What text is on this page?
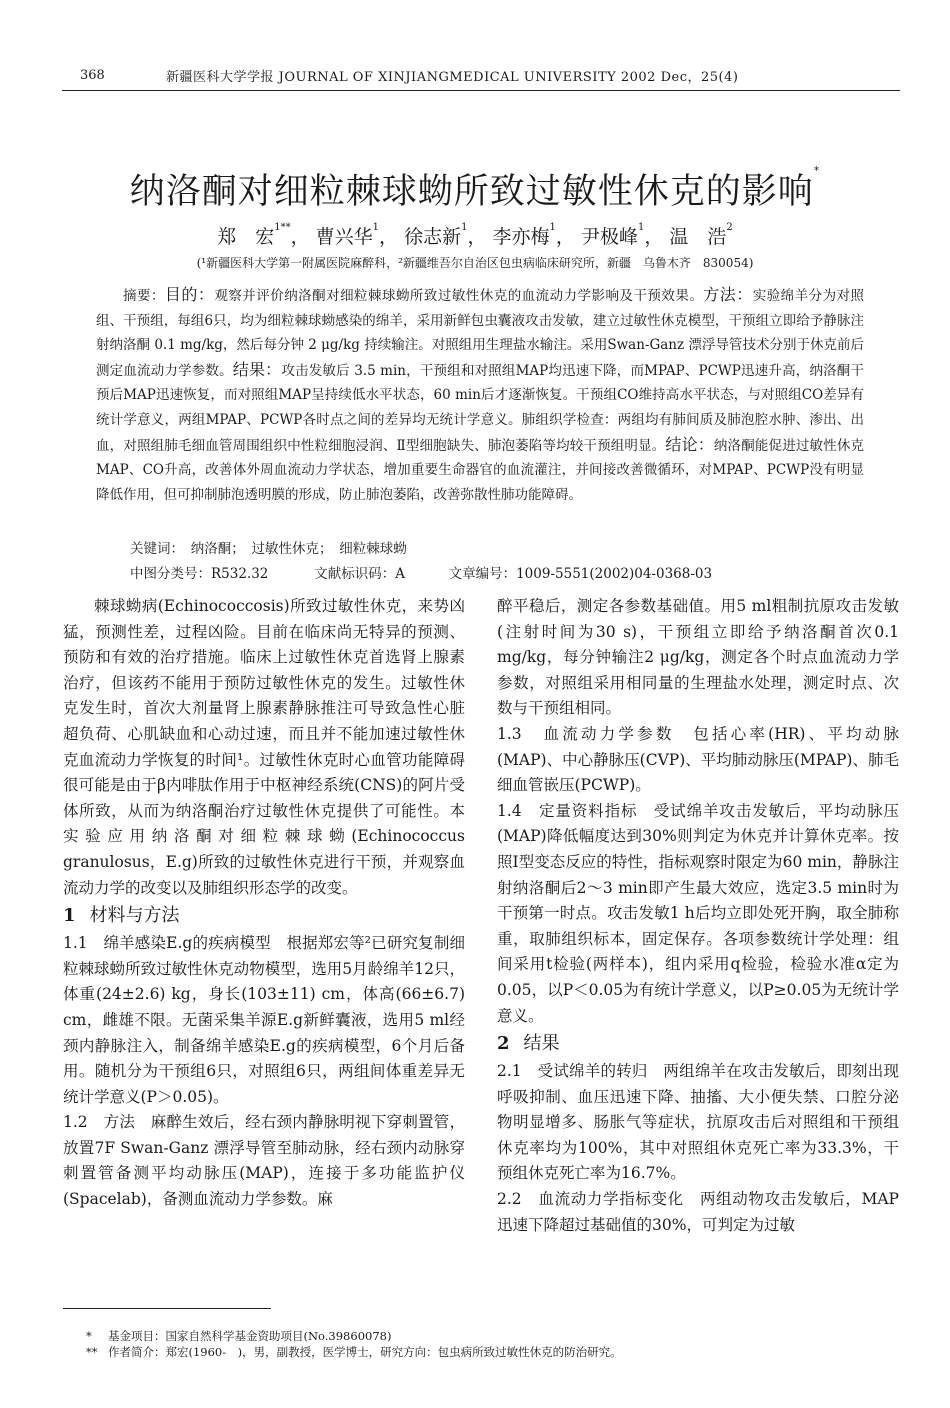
368	新疆医科大学学报 JOURNAL OF XINJIANGMEDICAL UNIVERSITY 2002 Dec，25(4)
纳洛酮对细粒棘球蚴所致过敏性休克的影响*
郑　宏$^{1**}$， 曹兴华$^1$， 徐志新$^1$， 李亦梅$^1$， 尹极峰$^1$， 温　浩$^2$
(¹新疆医科大学第一附属医院麻醉科，²新疆维吾尔自治区包虫病临床研究所，新疆　乌鲁木齐　830054)
摘要：目的：观察并评价纳洛酮对细粒棘球蚴所致过敏性休克的血流动力学影响及干预效果。方法：实验绵羊分为对照组、干预组，每组6只，均为细粒棘球蚴感染的绵羊，采用新鲜包虫囊液攻击发敏，建立过敏性休克模型，干预组立即给予静脉注射纳洛酮 0.1 mg/kg，然后每分钟 2 μg/kg 持续输注。对照组用生理盐水输注。采用Swan-Ganz 漂浮导管技术分别于休克前后测定血流动力学参数。结果：攻击发敏后 3.5 min，干预组和对照组MAP均迅速下降，而MPAP、PCWP迅速升高，纳洛酮干预后MAP迅速恢复，而对照组MAP呈持续低水平状态，60 min后才逐渐恢复。干预组CO维持高水平状态，与对照组CO差异有统计学意义，两组MPAP、PCWP各时点之间的差异均无统计学意义。肺组织学检查：两组均有肺间质及肺泡腔水肿、渗出、出血，对照组肺毛细血管周围组织中性粒细胞浸润、Ⅱ型细胞缺失、肺泡萎陷等均较干预组明显。结论：纳洛酮能促进过敏性休克MAP、CO升高，改善体外周血流动力学状态，增加重要生命器官的血流灌注，并间接改善微循环，对MPAP、PCWP没有明显降低作用，但可抑制肺泡透明膜的形成，防止肺泡萎陷，改善弥散性肺功能障碍。
关键词：　纳洛酮；　过敏性休克；　细粒棘球蚴
中图分类号：R532.32	文献标识码：A	文章编号：1009-5551(2002)04-0368-03

棘球蚴病(Echinococcosis)所致过敏性休克，来势凶猛，预测性差，过程凶险。目前在临床尚无特异的预测、预防和有效的治疗措施。临床上过敏性休克首选肾上腺素治疗，但该药不能用于预防过敏性休克的发生。过敏性休克发生时，首次大剂量肾上腺素静脉推注可导致急性心脏超负荷、心肌缺血和心动过速，而且并不能加速过敏性休克血流动力学恢复的时间¹。过敏性休克时心血管功能障碍很可能是由于β内啡肽作用于中枢神经系统(CNS)的阿片受体所致，从而为纳洛酮治疗过敏性休克提供了可能性。本实验应用纳洛酮对细粒棘球蚴(Echinococcus granulosus，E.g)所致的过敏性休克进行干预，并观察血流动力学的改变以及肺组织形态学的改变。

1 材料与方法

1.1　绵羊感染E.g的疾病模型　根据郑宏等²已研究复制细粒棘球蚴所致过敏性休克动物模型，选用5月龄绵羊12只，体重(24±2.6) kg，身长(103±11) cm，体高(66±6.7) cm，雌雄不限。无菌采集羊源E.g新鲜囊液，选用5 ml经颈内静脉注入，制备绵羊感染E.g的疾病模型，6个月后备用。随机分为干预组6只，对照组6只，两组间体重差异无统计学意义(P＞0.05)。

1.2　方法　麻醉生效后，经右颈内静脉明视下穿刺置管，放置7F Swan-Ganz 漂浮导管至肺动脉，经右颈内动脉穿刺置管备测平均动脉压(MAP)，连接于多功能监护仪(Spacelab)，备测血流动力学参数。麻

醉平稳后，测定各参数基础值。用5 ml粗制抗原攻击发敏(注射时间为30 s)，干预组立即给予纳洛酮首次0.1 mg/kg，每分钟输注2 μg/kg，测定各个时点血流动力学参数，对照组采用相同量的生理盐水处理，测定时点、次数与干预组相同。

1.3　血流动力学参数　包括心率(HR)、平均动脉(MAP)、中心静脉压(CVP)、平均肺动脉压(MPAP)、肺毛细血管嵌压(PCWP)。

1.4　定量资料指标　受试绵羊攻击发敏后，平均动脉压(MAP)降低幅度达到30%则判定为休克并计算休克率。按照Ⅰ型变态反应的特性，指标观察时限定为60 min，静脉注射纳洛酮后2～3 min即产生最大效应，选定3.5 min时为干预第一时点。攻击发敏1 h后均立即处死开胸，取全肺称重，取肺组织标本，固定保存。各项参数统计学处理：组间采用t检验(两样本)，组内采用q检验，检验水准α定为0.05，以P＜0.05为有统计学意义，以P≥0.05为无统计学意义。

2 结果

2.1　受试绵羊的转归　两组绵羊在攻击发敏后，即刻出现呼吸抑制、血压迅速下降、抽搐、大小便失禁、口腔分泌物明显增多、肠胀气等症状，抗原攻击后对照组和干预组休克率均为100%，其中对照组休克死亡率为33.3%，干预组休克死亡率为16.7%。

2.2　血流动力学指标变化　两组动物攻击发敏后，MAP迅速下降超过基础值的30%，可判定为过敏

* 基金项目：国家自然科学基金资助项目(No.39860078)
** 作者简介：郑宏(1960-　)，男，副教授，医学博士，研究方向：包虫病所致过敏性休克的防治研究。
